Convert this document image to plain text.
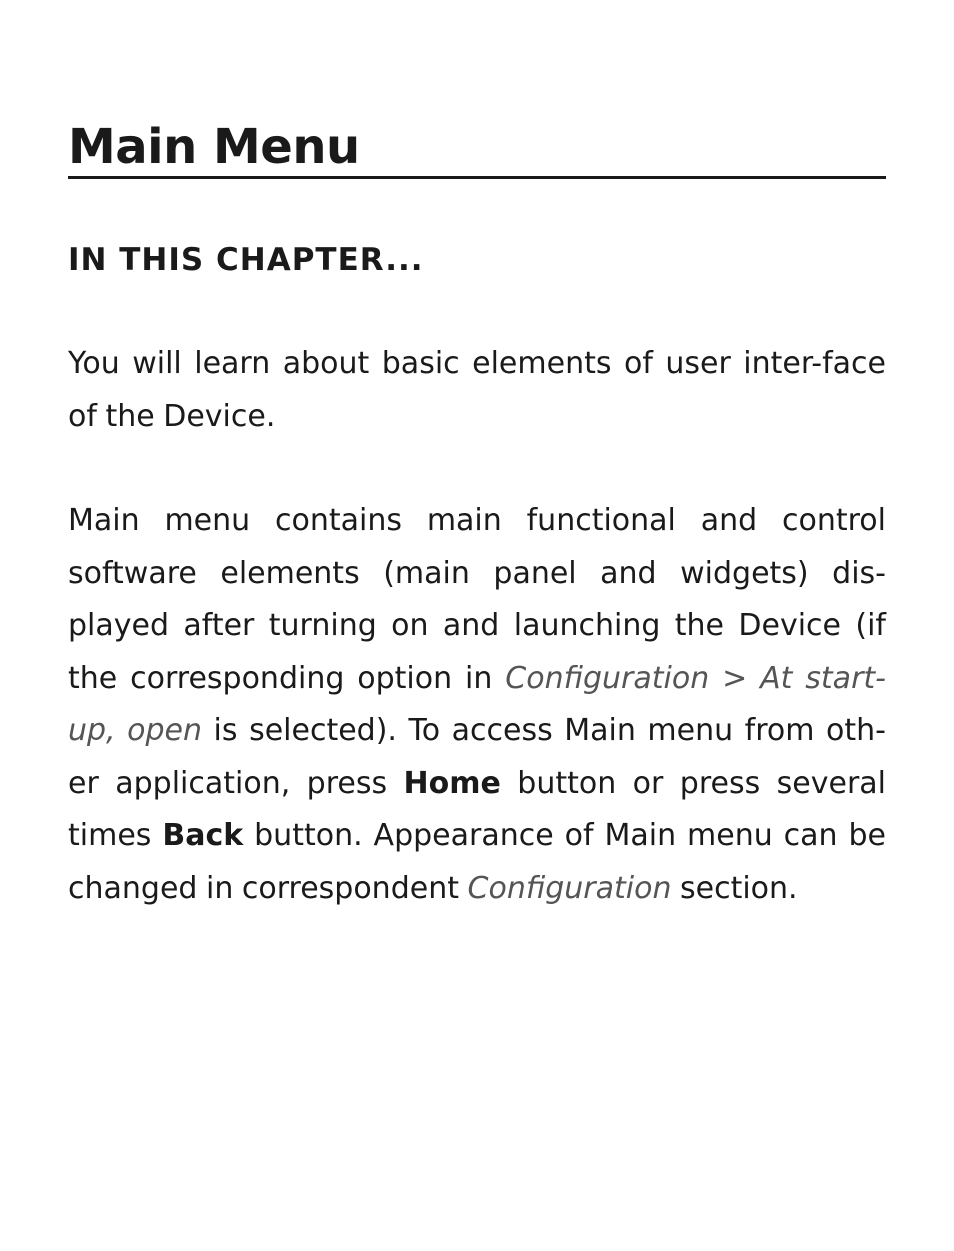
Main Menu
IN THIS CHAPTER...

You will learn about basic elements of user inter-face of the Device.

Main menu contains main functional and control software elements (main panel and widgets) dis-played after turning on and launching the Device (if the corresponding option in Configuration > At start-up, open is selected). To access Main menu from oth-er application, press Home button or press several times Back button. Appearance of Main menu can be changed in correspondent Configuration section.
